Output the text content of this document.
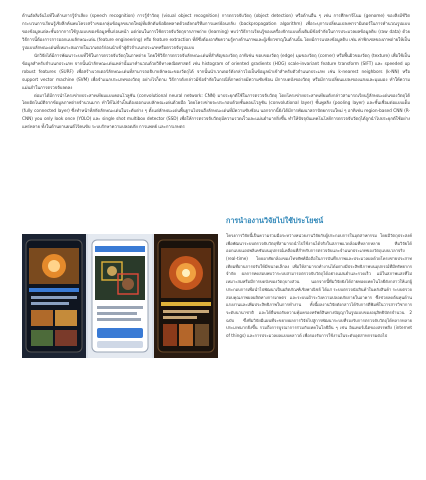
ด้านอัลลิเจ้นไปที่ใบด้านการรู้จำเสียง (speech recognition) การรู้จำวัตถุ (visual object recognition) การตรวจจับวัตถุ (object detection) หรือด้านอื่น ๆ เช่น การศึกษาจีโนม (genome) ของสิ่งมีชีวิต กระบวนการเรียนรู้เชิงลึกค้นพบโครงสร้างของกลุ่มข้อมูลขนาดใหญ่ที่ผลักดันข้อผิดพลาดด้วยอัลกอริทึมการแพร่ย้อนกลับ (backpropagation algorithm) เพื่อระบุการเปลี่ยนแปลงพารามิเตอร์ในการคำนวณรูปแบบของข้อมูลแต่ละชั้นจากการใช้รูปแบบของข้อมูลชั้นก่อนหน้า แต่ก่อนในการใช้ตรวจจับวัตถุจากภาพถ่าย (learning) พบว่าวิธีการเรียนรู้ของเครื่องจักรแบบดั้งเดิมมีข้อจำกัดในการประมวลผลข้อมูลดิบ (raw data) ด้วยวิธีการนี้ต้องการการออกแบบลักษณะเด่น (feature engineering) หรือ feature extraction ที่ดีซึ่งต้องอาศัยความรู้ทางด้านภาพและผู้เชี่ยวชาญในด้านนั้น โดยมีการแปลงข้อมูลดิบ เช่น ค่าพิกเซลของภาพถ่ายให้เป็นรูปแบบลักษณะเด่นที่เหมาะสมภายในเวกเตอร์ก่อนนำเข้าสู่ตัวจำแนกประเภทหรือตรวจจับรูปแบบ

นักวิจัยได้มีการพัฒนาระบบที่ใช้ในการตรวจจับวัตถุในภาพถ่าย โดยใช้วิธีการตรวจจับลักษณะเด่นที่สำคัญของวัตถุ อาทิเช่น ขอบของวัตถุ (edge) มุมของวัตถุ (corner) หรือพื้นผิวของวัตถุ (texture) เพื่อใช้เป็นข้อมูลสำหรับจำแนกประเภท จากนั้นนำลักษณะเด่นเหล่านั้นมาคำนวณด้วยวิธีทางคณิตศาสตร์ เช่น histogram of oriented gradients (HOG) scale-invariant feature transform (SIFT) และ speeded up robust features (SURF) เพื่อสร้างเวกเตอร์ลักษณะเด่นที่สามารถอธิบายลักษณะของวัตถุได้ จากนั้นนำเวกเตอร์ดังกล่าวไปเป็นข้อมูลนำเข้าสำหรับตัวจำแนกประเภท เช่น k-nearest neighbors (k-NN) หรือ support vector machine (SVM) เพื่อจำแนกประเภทของวัตถุ อย่างไรก็ตาม วิธีการดังกล่าวมีข้อจำกัดในกรณีที่ภาพถ่ายมีความซับซ้อน มีการบดบังของวัตถุ หรือมีการเปลี่ยนแปลงของแสงและมุมมอง ทำให้ความแม่นยำในการตรวจจับลดลง

ต่อมาได้มีการนำโครงข่ายประสาทเทียมแบบคอนโวลูชัน (convolutional neural network: CNN) มาประยุกต์ใช้ในการตรวจจับวัตถุ โดยโครงข่ายประสาทเทียมดังกล่าวสามารถเรียนรู้ลักษณะเด่นของวัตถุได้โดยอัตโนมัติจากข้อมูลภาพถ่ายจำนวนมาก ทำให้ไม่จำเป็นต้องออกแบบลักษณะเด่นด้วยมือ โดยโครงข่ายจะประกอบด้วยชั้นคอนโวลูชัน (convolutional layer) ชั้นพูลลิง (pooling layer) และชั้นเชื่อมต่อแบบเต็ม (fully connected layer) ซึ่งทำหน้าที่สกัดลักษณะเด่นในระดับต่าง ๆ ตั้งแต่ลักษณะเด่นพื้นฐานไปจนถึงลักษณะเด่นที่มีความซับซ้อน นอกจากนี้ยังได้มีการพัฒนาสถาปัตยกรรมใหม่ ๆ อาทิเช่น region-based CNN (R-CNN) you only look once (YOLO) และ single shot multibox detector (SSD) เพื่อให้การตรวจจับวัตถุมีความรวดเร็วและแม่นยำมากยิ่งขึ้น ทำให้ปัจจุบันเทคโนโลยีการตรวจจับวัตถุได้ถูกนำไปประยุกต์ใช้อย่างแพร่หลาย ทั้งในด้านยานยนต์ไร้คนขับ ระบบรักษาความปลอดภัย การแพทย์ และการเกษตร

การนำองานวิจัยไปใช้ประโยชน์

โครงการวิจัยนี้เป็นความร่วมมือระหว่างหน่วยงานวิจัยกับผู้ประกอบการในอุตสาหกรรม โดยมีวัตถุประสงค์เพื่อพัฒนาระบบตรวจจับวัตถุที่สามารถนำไปใช้งานได้จริงในสภาพแวดล้อมที่หลากหลาย ทีมวิจัยได้ออกแบบแอปพลิเคชันบนอุปกรณ์เคลื่อนที่สำหรับการตรวจจับและจำแนกประเภทของวัตถุแบบเวลาจริง (real-time) โดยอาศัยกล้องของโทรศัพท์มือถือในการบันทึกภาพและประมวลผลด้วยโครงข่ายประสาทเทียมที่ผ่านการปรับให้มีขนาดเล็กลง เพื่อให้สามารถทำงานได้อย่างมีประสิทธิภาพบนอุปกรณ์ที่มีทรัพยากรจำกัด ผลการทดสอบพบว่าระบบสามารถตรวจจับวัตถุได้อย่างแม่นยำและรวดเร็ว แม้ในสภาพแสงที่ไม่เหมาะสมหรือมีการบดบังของวัตถุบางส่วน นอกจากนี้ทีมวิจัยยังได้ถ่ายทอดเทคโนโลยีดังกล่าวให้แก่ผู้ประกอบการเพื่อนำไปพัฒนาเป็นผลิตภัณฑ์เชิงพาณิชย์ ได้แก่ ระบบตรวจนับสินค้าในคลังสินค้า ระบบตรวจสอบคุณภาพผลผลิตทางการเกษตร และระบบเฝ้าระวังความปลอดภัยภายในอาคาร ซึ่งช่วยลดต้นทุนด้านแรงงานและเพิ่มประสิทธิภาพในการทำงาน ทั้งนี้ผลงานวิจัยดังกล่าวได้รับการตีพิมพ์ในวารสารวิชาการระดับนานาชาติ และได้ยื่นขอรับความคุ้มครองทรัพย์สินทางปัญญาในรูปแบบของอนุสิทธิบัตรจำนวน 2 ฉบับ ซึ่งทีมวิจัยมีแผนที่จะขยายผลการวิจัยไปสู่การพัฒนาระบบที่รองรับการตรวจจับวัตถุได้หลากหลายประเภทมากยิ่งขึ้น รวมถึงการบูรณาการร่วมกับเทคโนโลยีอื่น ๆ เช่น อินเทอร์เน็ตของสรรพสิ่ง (internet of things) และการประมวลผลแบบคลาวด์ เพื่อรองรับการใช้งานในระดับอุตสาหกรรมต่อไป
